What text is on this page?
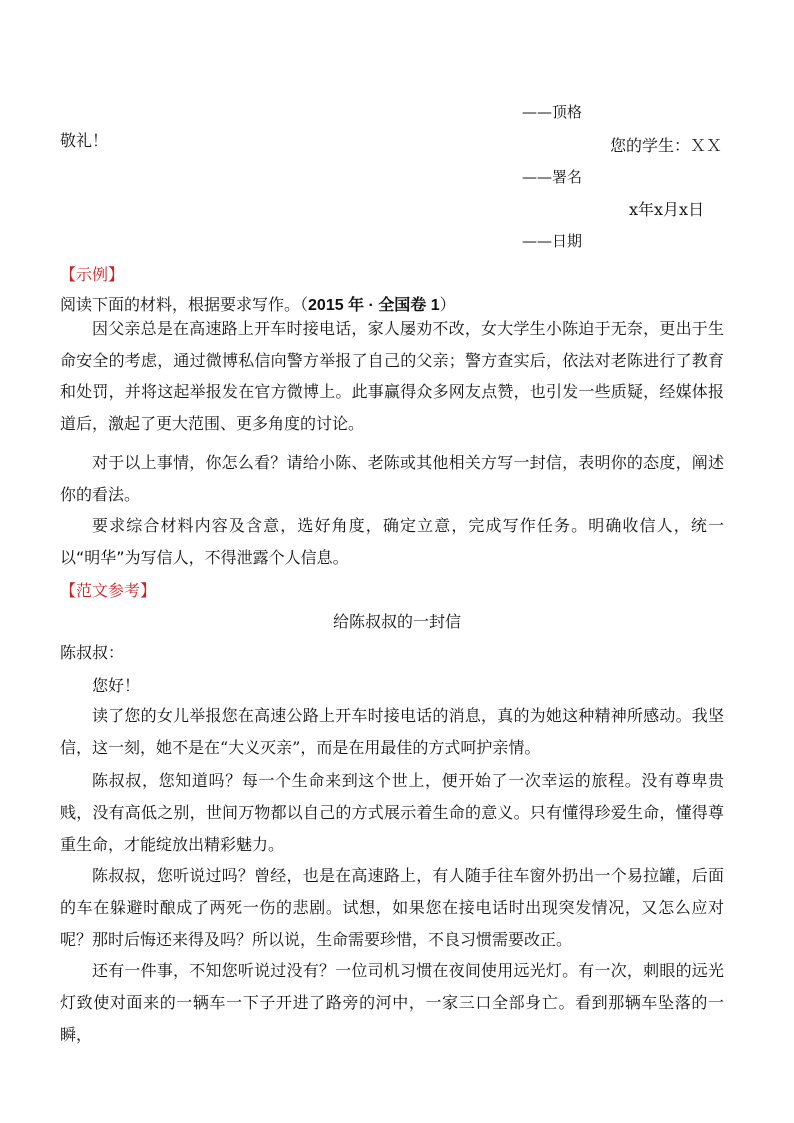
敬礼！
——顶格
您的学生：ＸＸ
——署名
x年x月x日
——日期
【示例】
阅读下面的材料，根据要求写作。（2015 年 · 全国卷 1）

因父亲总是在高速路上开车时接电话，家人屡劝不改，女大学生小陈迫于无奈，更出于生命安全的考虑，通过微博私信向警方举报了自己的父亲；警方查实后，依法对老陈进行了教育和处罚，并将这起举报发在官方微博上。此事赢得众多网友点赞，也引发一些质疑，经媒体报道后，激起了更大范围、更多角度的讨论。

对于以上事情，你怎么看？请给小陈、老陈或其他相关方写一封信，表明你的态度，阐述你的看法。

要求综合材料内容及含意，选好角度，确定立意，完成写作任务。明确收信人，统一以“明华”为写信人，不得泄露个人信息。

【范文参考】
给陈叔叔的一封信
陈叔叔：
您好！

读了您的女儿举报您在高速公路上开车时接电话的消息，真的为她这种精神所感动。我坚信，这一刻，她不是在“大义灭亲”，而是在用最佳的方式呵护亲情。

陈叔叔，您知道吗？每一个生命来到这个世上，便开始了一次幸运的旅程。没有尊卑贵贱，没有高低之别，世间万物都以自己的方式展示着生命的意义。只有懂得珍爱生命，懂得尊重生命，才能绽放出精彩魅力。

陈叔叔，您听说过吗？曾经，也是在高速路上，有人随手往车窗外扔出一个易拉罐，后面的车在躲避时酿成了两死一伤的悲剧。试想，如果您在接电话时出现突发情况，又怎么应对呢？那时后悔还来得及吗？所以说，生命需要珍惜，不良习惯需要改正。

还有一件事，不知您听说过没有？一位司机习惯在夜间使用远光灯。有一次，刺眼的远光灯致使对面来的一辆车一下子开进了路旁的河中，一家三口全部身亡。看到那辆车坠落的一瞬，
